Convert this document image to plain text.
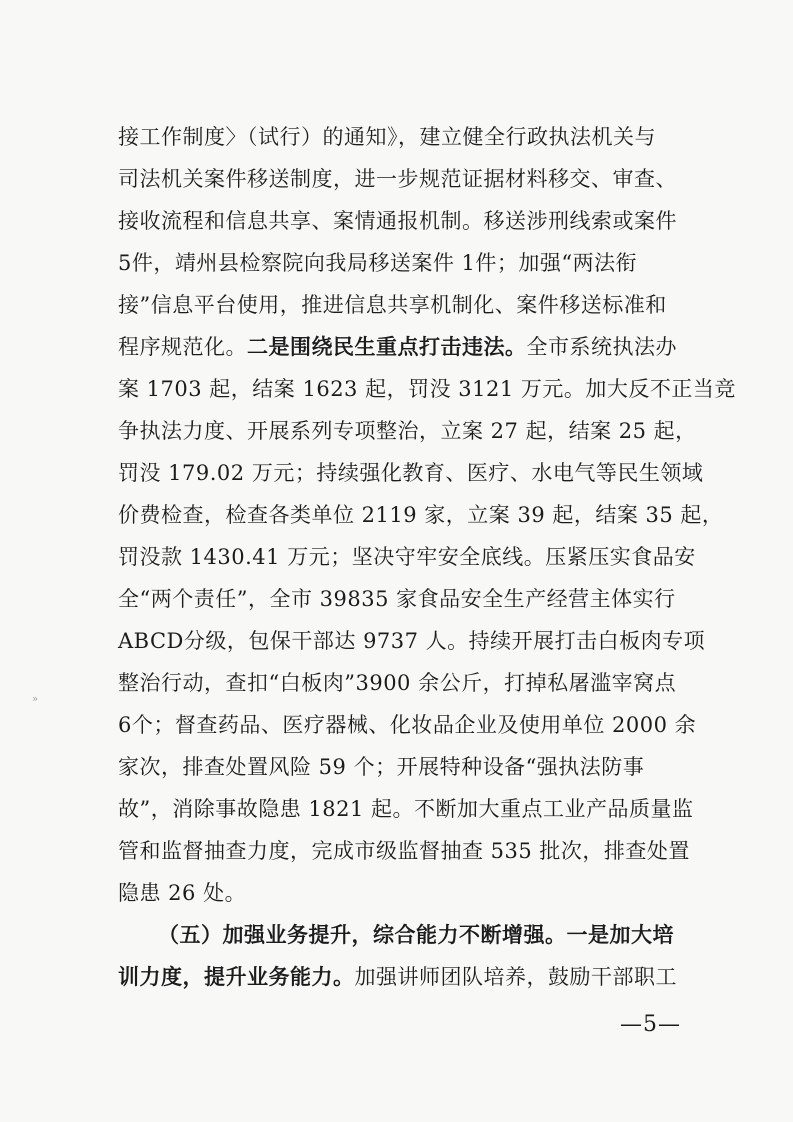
接工作制度〉（试行）的通知》，建立健全行政执法机关与
司法机关案件移送制度，进一步规范证据材料移交、审查、
接收流程和信息共享、案情通报机制。移送涉刑线索或案件
5件，靖州县检察院向我局移送案件 1件；加强“两法衔
接”信息平台使用，推进信息共享机制化、案件移送标准和
程序规范化。二是围绕民生重点打击违法。全市系统执法办
案 1703 起，结案 1623 起，罚没 3121 万元。加大反不正当竞
争执法力度、开展系列专项整治，立案 27 起，结案 25 起，
罚没 179.02 万元；持续强化教育、医疗、水电气等民生领域
价费检查，检查各类单位 2119 家，立案 39 起，结案 35 起，
罚没款 1430.41 万元；坚决守牢安全底线。压紧压实食品安
全“两个责任”，全市 39835 家食品安全生产经营主体实行
ABCD分级，包保干部达 9737 人。持续开展打击白板肉专项
整治行动，查扣“白板肉”3900 余公斤，打掉私屠滥宰窝点
6个；督查药品、医疗器械、化妆品企业及使用单位 2000 余
家次，排查处置风险 59 个；开展特种设备“强执法防事
故”，消除事故隐患 1821 起。不断加大重点工业产品质量监
管和监督抽查力度，完成市级监督抽查 535 批次，排查处置
隐患 26 处。
（五）加强业务提升，综合能力不断增强。一是加大培
训力度，提升业务能力。加强讲师团队培养，鼓励干部职工
—5—
»
